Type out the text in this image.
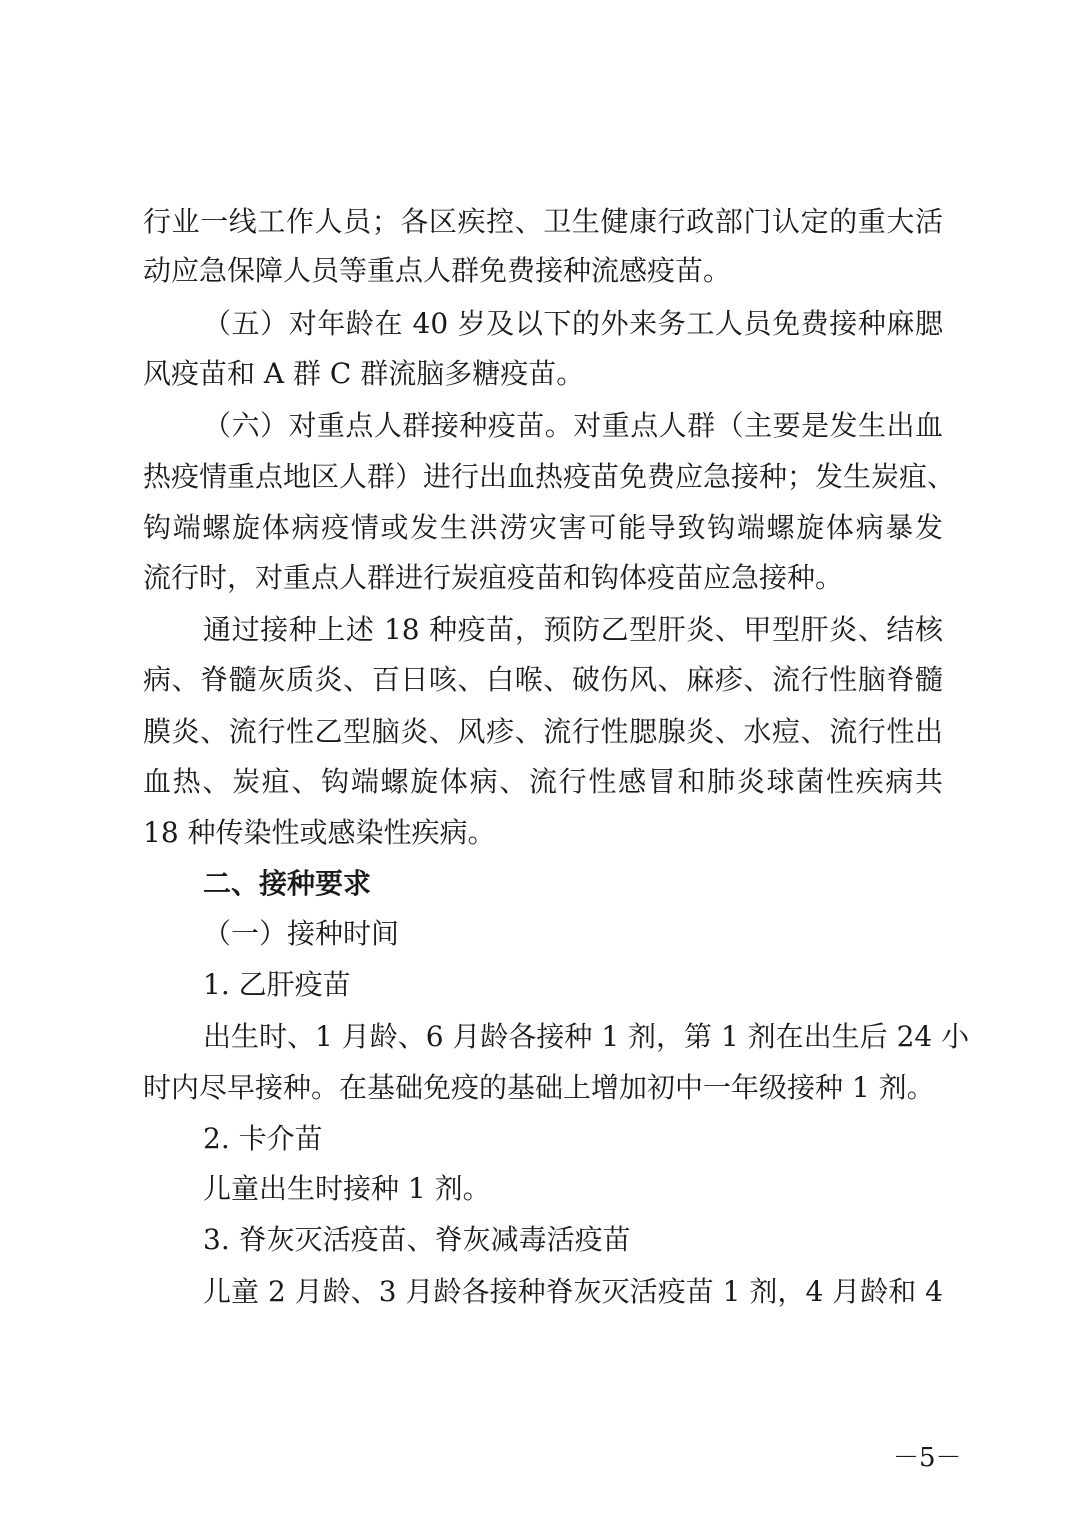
行业一线工作人员；各区疾控、卫生健康行政部门认定的重大活
动应急保障人员等重点人群免费接种流感疫苗。
（五）对年龄在 40 岁及以下的外来务工人员免费接种麻腮
风疫苗和 A 群 C 群流脑多糖疫苗。
（六）对重点人群接种疫苗。对重点人群（主要是发生出血
热疫情重点地区人群）进行出血热疫苗免费应急接种；发生炭疽、
钩端螺旋体病疫情或发生洪涝灾害可能导致钩端螺旋体病暴发
流行时，对重点人群进行炭疽疫苗和钩体疫苗应急接种。
通过接种上述 18 种疫苗，预防乙型肝炎、甲型肝炎、结核
病、脊髓灰质炎、百日咳、白喉、破伤风、麻疹、流行性脑脊髓
膜炎、流行性乙型脑炎、风疹、流行性腮腺炎、水痘、流行性出
血热、炭疽、钩端螺旋体病、流行性感冒和肺炎球菌性疾病共
18 种传染性或感染性疾病。
二、接种要求
（一）接种时间
1. 乙肝疫苗
出生时、1 月龄、6 月龄各接种 1 剂，第 1 剂在出生后 24 小
时内尽早接种。在基础免疫的基础上增加初中一年级接种 1 剂。
2. 卡介苗
儿童出生时接种 1 剂。
3. 脊灰灭活疫苗、脊灰减毒活疫苗
儿童 2 月龄、3 月龄各接种脊灰灭活疫苗 1 剂，4 月龄和 4
－5－
